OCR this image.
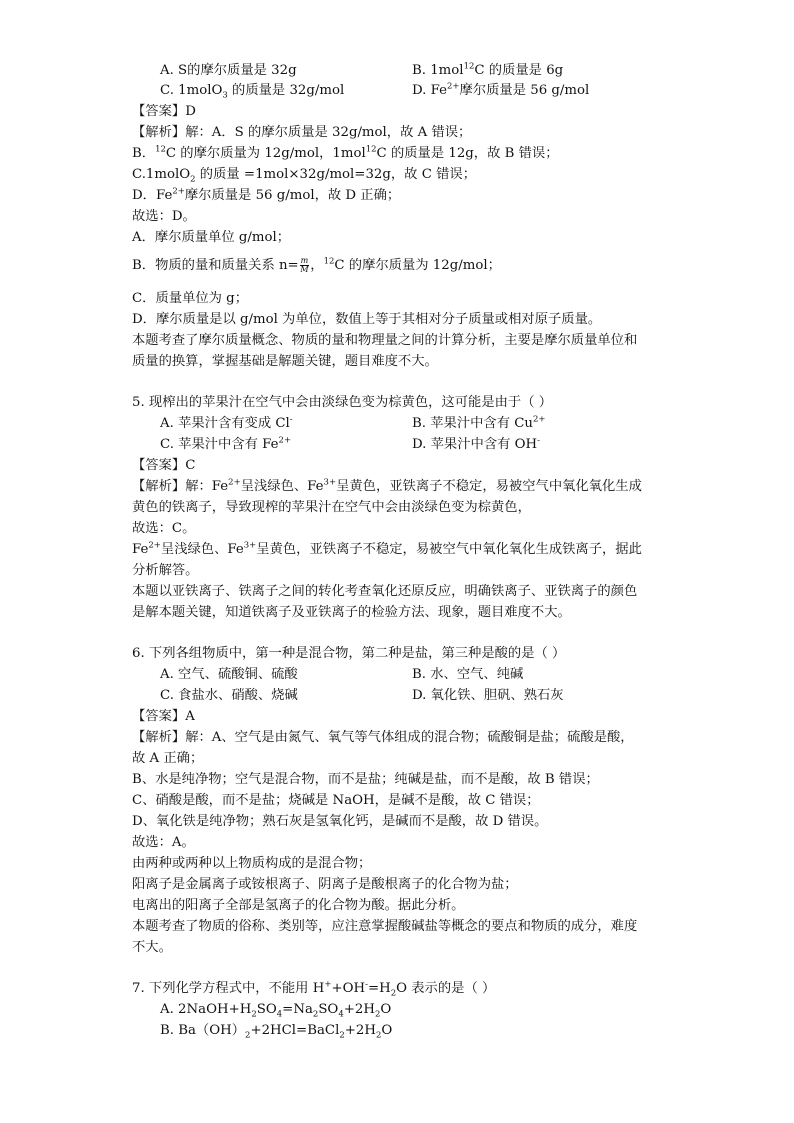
A. S的摩尔质量是 32g	B. 1mol$^{12}$C 的质量是 6g
C. 1molO$_3$ 的质量是 32g/mol	D. $Fe^{2+}$摩尔质量是 56 g/mol
【答案】D
【解析】解：A．S 的摩尔质量是 32g/mol，故 A 错误；
B．$^{12}$C 的摩尔质量为 12g/mol，1mol$^{12}$C 的质量是 12g，故 B 错误；
C.1molO$_2$ 的质量 =1mol×32g/mol=32g，故 C 错误；
D．$Fe^{2+}$摩尔质量是 56 g/mol，故 D 正确；
故选：D。
A．摩尔质量单位 g/mol；
B．物质的量和质量关系 $n= \frac{m}{M}$ ，$^{12}$C 的摩尔质量为 12g/mol；
C．质量单位为 g；
D．摩尔质量是以 g/mol 为单位，数值上等于其相对分子质量或相对原子质量。
本题考查了摩尔质量概念、物质的量和物理量之间的计算分析，主要是摩尔质量单位和
质量的换算，掌握基础是解题关键，题目难度不大。
5. 现榨出的苹果汁在空气中会由淡绿色变为棕黄色，这可能是由于（ ）
A. 苹果汁含有变成 Cl-	B. 苹果汁中含有 $Cu^{2+}$
C. 苹果汁中含有 $Fe^{2+}$	D. 苹果汁中含有 OH-
【答案】C
【解析】解：$Fe^{2+}$呈浅绿色、$Fe^{3+}$呈黄色，亚铁离子不稳定，易被空气中氧化氧化生成
黄色的铁离子，导致现榨的苹果汁在空气中会由淡绿色变为棕黄色，
故选：C。
$Fe^{2+}$呈浅绿色、$Fe^{3+}$呈黄色，亚铁离子不稳定，易被空气中氧化氧化生成铁离子，据此
分析解答。
本题以亚铁离子、铁离子之间的转化考查氧化还原反应，明确铁离子、亚铁离子的颜色
是解本题关键，知道铁离子及亚铁离子的检验方法、现象，题目难度不大。
6. 下列各组物质中，第一种是混合物，第二种是盐，第三种是酸的是（ ）
A. 空气、硫酸铜、硫酸	B. 水、空气、纯碱
C. 食盐水、硝酸、烧碱	D. 氧化铁、胆矾、熟石灰
【答案】A
【解析】解：A、空气是由氮气、氧气等气体组成的混合物；硫酸铜是盐；硫酸是酸，
故 A 正确；
B、水是纯净物；空气是混合物，而不是盐；纯碱是盐，而不是酸，故 B 错误；
C、硝酸是酸，而不是盐；烧碱是 NaOH，是碱不是酸，故 C 错误；
D、氧化铁是纯净物；熟石灰是氢氧化钙，是碱而不是酸，故 D 错误。
故选：A。
由两种或两种以上物质构成的是混合物；
阳离子是金属离子或铵根离子、阴离子是酸根离子的化合物为盐；
电离出的阳离子全部是氢离子的化合物为酸。据此分析。
本题考查了物质的俗称、类别等，应注意掌握酸碱盐等概念的要点和物质的成分，难度
不大。
7. 下列化学方程式中，不能用 $H^++OH^-=H_2O$ 表示的是（ ）
A. $2NaOH+H_2SO_4=Na_2SO_4+2H_2O$
B. $Ba(OH)_2+2HCl=BaCl_2+2H_2O$
